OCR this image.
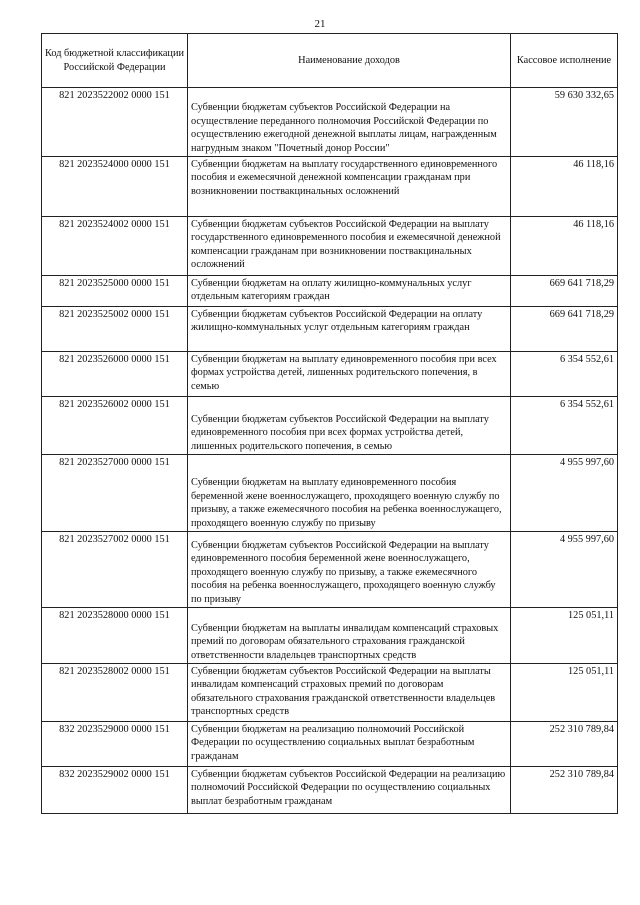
21
Код бюджетной классификации Российской Федерации	Наименование доходов	Кассовое исполнение
821 2023522002 0000 151	Субвенции бюджетам субъектов Российской Федерации на осуществление переданного полномочия Российской Федерации по осуществлению ежегодной денежной выплаты лицам, награжденным нагрудным знаком "Почетный донор России"	59 630 332,65
821 2023524000 0000 151	Субвенции бюджетам на выплату государственного единовременного пособия и ежемесячной денежной компенсации гражданам при возникновении поствакцинальных осложнений	46 118,16
821 2023524002 0000 151	Субвенции бюджетам субъектов Российской Федерации на выплату государственного единовременного пособия и ежемесячной денежной компенсации гражданам при возникновении поствакцинальных осложнений	46 118,16
821 2023525000 0000 151	Субвенции бюджетам на оплату жилищно-коммунальных услуг отдельным категориям граждан	669 641 718,29
821 2023525002 0000 151	Субвенции бюджетам субъектов Российской Федерации на оплату жилищно-коммунальных услуг отдельным категориям граждан	669 641 718,29
821 2023526000 0000 151	Субвенции бюджетам на выплату единовременного пособия при всех формах устройства детей, лишенных родительского попечения, в семью	6 354 552,61
821 2023526002 0000 151	Субвенции бюджетам субъектов Российской Федерации на выплату единовременного пособия при всех формах устройства детей, лишенных родительского попечения, в семью	6 354 552,61
821 2023527000 0000 151	Субвенции бюджетам на выплату единовременного пособия беременной жене военнослужащего, проходящего военную службу по призыву, а также ежемесячного пособия на ребенка военнослужащего, проходящего военную службу по призыву	4 955 997,60
821 2023527002 0000 151	Субвенции бюджетам субъектов Российской Федерации на выплату единовременного пособия беременной жене военнослужащего, проходящего военную службу по призыву, а также ежемесячного пособия на ребенка военнослужащего, проходящего военную службу по призыву	4 955 997,60
821 2023528000 0000 151	Субвенции бюджетам на выплаты инвалидам компенсаций страховых премий по договорам обязательного страхования гражданской ответственности владельцев транспортных средств	125 051,11
821 2023528002 0000 151	Субвенции бюджетам субъектов Российской Федерации на выплаты инвалидам компенсаций страховых премий по договорам обязательного страхования гражданской ответственности владельцев транспортных средств	125 051,11
832 2023529000 0000 151	Субвенции бюджетам на реализацию полномочий Российской Федерации по осуществлению социальных выплат безработным гражданам	252 310 789,84
832 2023529002 0000 151	Субвенции бюджетам субъектов Российской Федерации на реализацию полномочий Российской Федерации по осуществлению социальных выплат безработным гражданам	252 310 789,84
